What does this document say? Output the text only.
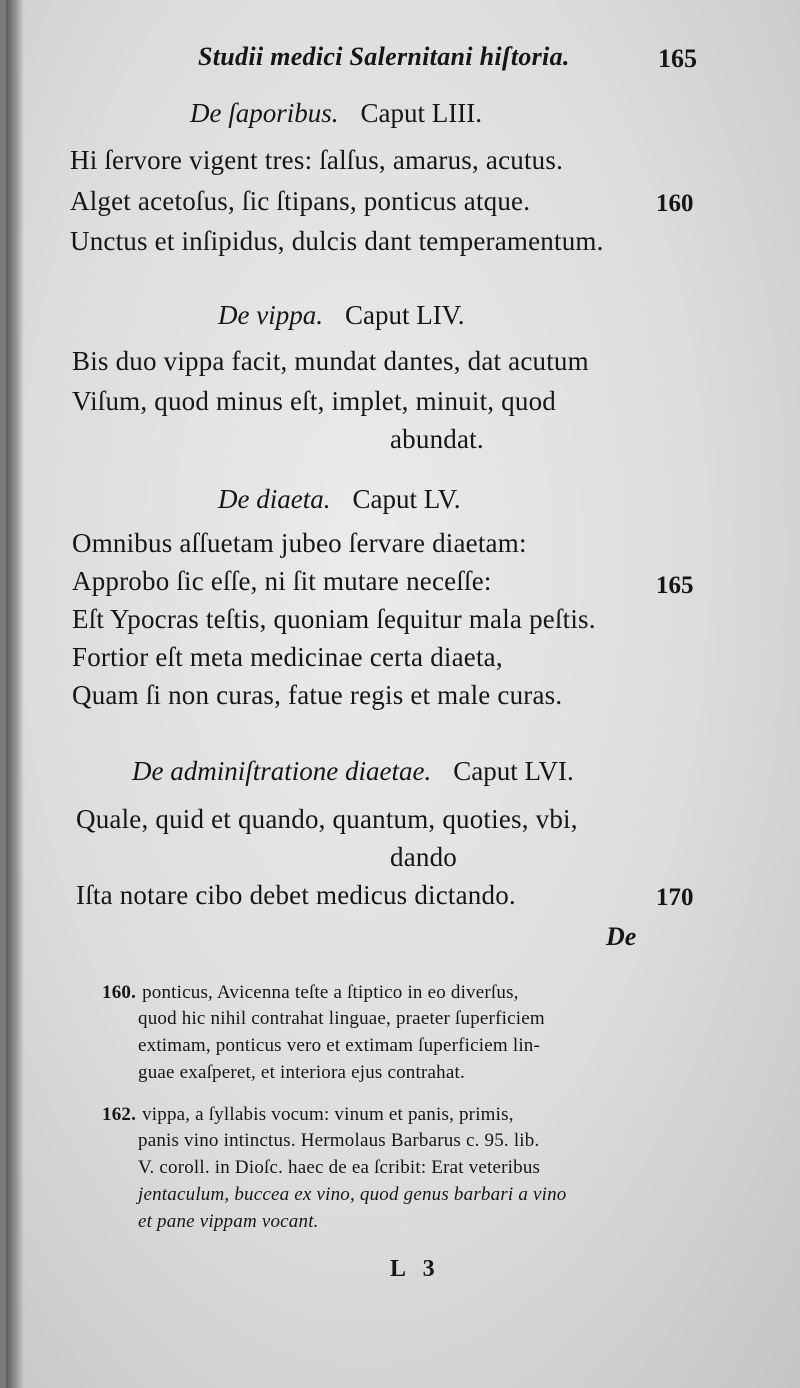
Studii medici Salernitani hiſtoria.	165
De ſaporibus. Caput LIII.
Hi ſervore vigent tres: ſalſus, amarus, acutus.
Alget acetoſus, ſic ſtipans, ponticus atque.	160
Unctus et inſipidus, dulcis dant temperamentum.
De vippa. Caput LIV.
Bis duo vippa facit, mundat dantes, dat acutum
Viſum, quod minus eſt, implet, minuit, quod
abundat.
De diaeta. Caput LV.
Omnibus aſſuetam jubeo ſervare diaetam:
Approbo ſic eſſe, ni ſit mutare neceſſe:	165
Eſt Ypocras teſtis, quoniam ſequitur mala peſtis.
Fortior eſt meta medicinae certa diaeta,
Quam ſi non curas, fatue regis et male curas.
De adminiſtratione diaetae. Caput LVI.
Quale, quid et quando, quantum, quoties, vbi,
dando
Iſta notare cibo debet medicus dictando.	170
De
160. ponticus, Avicenna teſte a ſtiptico in eo diverſus,
quod hic nihil contrahat linguae, praeter ſuperficiem
extimam, ponticus vero et extimam ſuperficiem lin-
guae exaſperet, et interiora ejus contrahat.
162. vippa, a ſyllabis vocum: vinum et panis, primis,
panis vino intinctus. Hermolaus Barbarus c. 95. lib.
V. coroll. in Dioſc. haec de ea ſcribit: Erat veteribus
jentaculum, buccea ex vino, quod genus barbari a vino
et pane vippam vocant.
L 3
